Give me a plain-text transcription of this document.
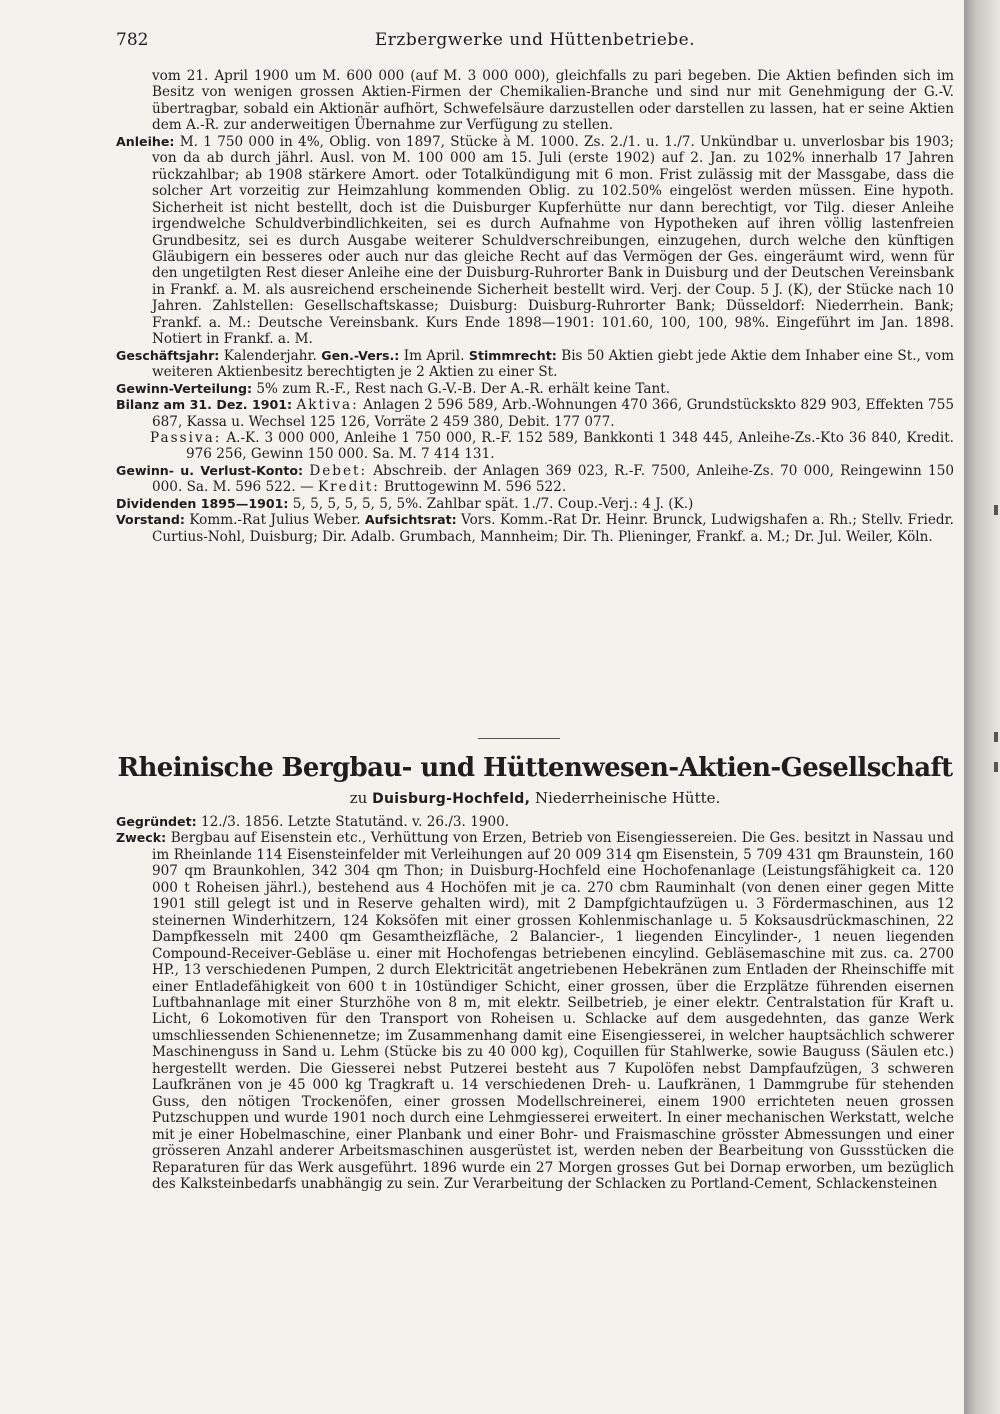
782	Erzbergwerke und Hüttenbetriebe.

vom 21. April 1900 um M. 600 000 (auf M. 3 000 000), gleichfalls zu pari begeben. Die Aktien befinden sich im Besitz von wenigen grossen Aktien-Firmen der Chemikalien-Branche und sind nur mit Genehmigung der G.-V. übertragbar, sobald ein Aktionär aufhört, Schwefelsäure darzustellen oder darstellen zu lassen, hat er seine Aktien dem A.-R. zur anderweitigen Übernahme zur Verfügung zu stellen.

Anleihe: M. 1 750 000 in 4%, Oblig. von 1897, Stücke à M. 1000. Zs. 2./1. u. 1./7. Unkündbar u. unverlosbar bis 1903; von da ab durch jährl. Ausl. von M. 100 000 am 15. Juli (erste 1902) auf 2. Jan. zu 102% innerhalb 17 Jahren rückzahlbar; ab 1908 stärkere Amort. oder Totalkündigung mit 6 mon. Frist zulässig mit der Massgabe, dass die solcher Art vorzeitig zur Heimzahlung kommenden Oblig. zu 102.50% eingelöst werden müssen. Eine hypoth. Sicherheit ist nicht bestellt, doch ist die Duisburger Kupferhütte nur dann berechtigt, vor Tilg. dieser Anleihe irgendwelche Schuldverbindlichkeiten, sei es durch Aufnahme von Hypotheken auf ihren völlig lastenfreien Grundbesitz, sei es durch Ausgabe weiterer Schuldverschreibungen, einzugehen, durch welche den künftigen Gläubigern ein besseres oder auch nur das gleiche Recht auf das Vermögen der Ges. eingeräumt wird, wenn für den ungetilgten Rest dieser Anleihe eine der Duisburg-Ruhrorter Bank in Duisburg und der Deutschen Vereinsbank in Frankf. a. M. als ausreichend erscheinende Sicherheit bestellt wird. Verj. der Coup. 5 J. (K), der Stücke nach 10 Jahren. Zahlstellen: Gesellschaftskasse; Duisburg: Duisburg-Ruhrorter Bank; Düsseldorf: Niederrhein. Bank; Frankf. a. M.: Deutsche Vereinsbank. Kurs Ende 1898—1901: 101.60, 100, 100, 98%. Eingeführt im Jan. 1898. Notiert in Frankf. a. M.

Geschäftsjahr: Kalenderjahr. Gen.-Vers.: Im April. Stimmrecht: Bis 50 Aktien giebt jede Aktie dem Inhaber eine St., vom weiteren Aktienbesitz berechtigten je 2 Aktien zu einer St.

Gewinn-Verteilung: 5% zum R.-F., Rest nach G.-V.-B. Der A.-R. erhält keine Tant.

Bilanz am 31. Dez. 1901: Aktiva: Anlagen 2 596 589, Arb.-Wohnungen 470 366, Grundstücksktо 829 903, Effekten 755 687, Kassa u. Wechsel 125 126, Vorräte 2 459 380, Debit. 177 077.

Passiva: A.-K. 3 000 000, Anleihe 1 750 000, R.-F. 152 589, Bankkonti 1 348 445, Anleihe-Zs.-Kto 36 840, Kredit. 976 256, Gewinn 150 000. Sa. M. 7 414 131.

Gewinn- u. Verlust-Konto: Debet: Abschreib. der Anlagen 369 023, R.-F. 7500, Anleihe-Zs. 70 000, Reingewinn 150 000. Sa. M. 596 522. — Kredit: Bruttogewinn M. 596 522.

Dividenden 1895—1901: 5, 5, 5, 5, 5, 5, 5%. Zahlbar spät. 1./7. Coup.-Verj.: 4 J. (K.)

Vorstand: Komm.-Rat Julius Weber. Aufsichtsrat: Vors. Komm.-Rat Dr. Heinr. Brunck, Ludwigshafen a. Rh.; Stellv. Friedr. Curtius-Nohl, Duisburg; Dir. Adalb. Grumbach, Mannheim; Dir. Th. Plieninger, Frankf. a. M.; Dr. Jul. Weiler, Köln.

Rheinische Bergbau- und Hüttenwesen-Aktien-Gesellschaft
zu Duisburg-Hochfeld, Niederrheinische Hütte.

Gegründet: 12./3. 1856. Letzte Statutänd. v. 26./3. 1900.

Zweck: Bergbau auf Eisenstein etc., Verhüttung von Erzen, Betrieb von Eisengiessereien. Die Ges. besitzt in Nassau und im Rheinlande 114 Eisensteinfelder mit Verleihungen auf 20 009 314 qm Eisenstein, 5 709 431 qm Braunstein, 160 907 qm Braunkohlen, 342 304 qm Thon; in Duisburg-Hochfeld eine Hochofenanlage (Leistungsfähigkeit ca. 120 000 t Roheisen jährl.), bestehend aus 4 Hochöfen mit je ca. 270 cbm Rauminhalt (von denen einer gegen Mitte 1901 still gelegt ist und in Reserve gehalten wird), mit 2 Dampfgichtaufzügen u. 3 Fördermaschinen, aus 12 steinernen Winderhitzern, 124 Koksöfen mit einer grossen Kohlenmischanlage u. 5 Koksausdrückmaschinen, 22 Dampfkesseln mit 2400 qm Gesamtheizfläche, 2 Balancier-, 1 liegenden Eincylinder-, 1 neuen liegenden Compound-Receiver-Gebläse u. einer mit Hochofengas betriebenen eincylind. Gebläsemaschine mit zus. ca. 2700 HP., 13 verschiedenen Pumpen, 2 durch Elektricität angetriebenen Hebekränen zum Entladen der Rheinschiffe mit einer Entladefähigkeit von 600 t in 10stündiger Schicht, einer grossen, über die Erzplätze führenden eisernen Luftbahnanlage mit einer Sturzhöhe von 8 m, mit elektr. Seilbetrieb, je einer elektr. Centralstation für Kraft u. Licht, 6 Lokomotiven für den Transport von Roheisen u. Schlacke auf dem ausgedehnten, das ganze Werk umschliessenden Schienennetze; im Zusammenhang damit eine Eisengiesserei, in welcher hauptsächlich schwerer Maschinenguss in Sand u. Lehm (Stücke bis zu 40 000 kg), Coquillen für Stahlwerke, sowie Bauguss (Säulen etc.) hergestellt werden. Die Giesserei nebst Putzerei besteht aus 7 Kupolöfen nebst Dampfaufzügen, 3 schweren Laufkränen von je 45 000 kg Tragkraft u. 14 verschiedenen Dreh- u. Laufkränen, 1 Dammgrube für stehenden Guss, den nötigen Trockenöfen, einer grossen Modellschreinerei, einem 1900 errichteten neuen grossen Putzschuppen und wurde 1901 noch durch eine Lehmgiesserei erweitert. In einer mechanischen Werkstatt, welche mit je einer Hobelmaschine, einer Planbank und einer Bohr- und Fraismaschine grösster Abmessungen und einer grösseren Anzahl anderer Arbeitsmaschinen ausgerüstet ist, werden neben der Bearbeitung von Gussstücken die Reparaturen für das Werk ausgeführt. 1896 wurde ein 27 Morgen grosses Gut bei Dornap erworben, um bezüglich des Kalksteinbedarfs unabhängig zu sein. Zur Verarbeitung der Schlacken zu Portland-Cement, Schlackensteinen
